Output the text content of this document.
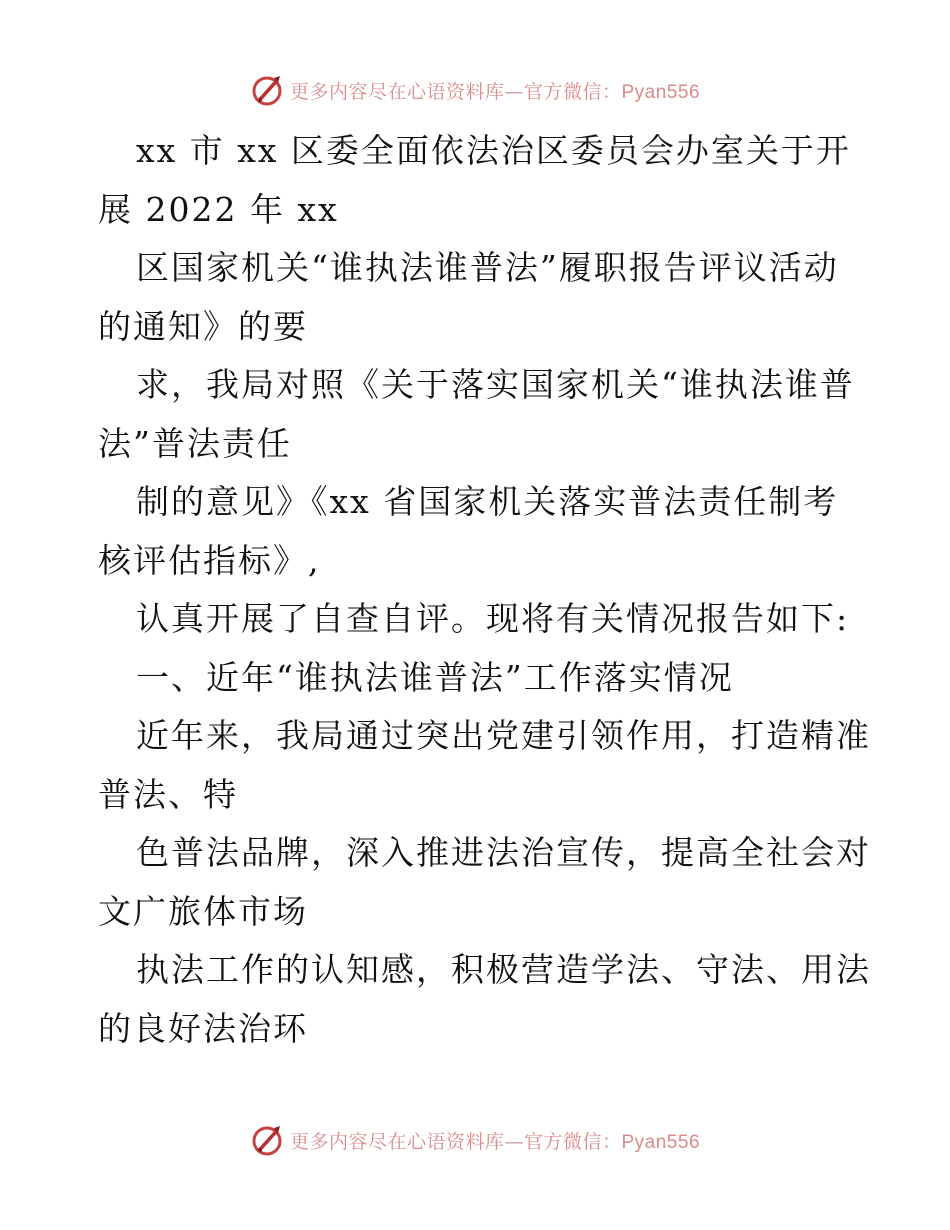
更多内容尽在心语资料库—官方微信：Pyan556
xx 市 xx 区委全面依法治区委员会办室关于开
展 2022 年 xx
区国家机关“谁执法谁普法”履职报告评议活动
的通知》的要
求，我局对照《关于落实国家机关“谁执法谁普
法”普法责任
制的意见》《xx 省国家机关落实普法责任制考
核评估指标》,
认真开展了自查自评。现将有关情况报告如下:
一、近年“谁执法谁普法”工作落实情况
近年来，我局通过突出党建引领作用，打造精准
普法、特
色普法品牌，深入推进法治宣传，提高全社会对
文广旅体市场
执法工作的认知感，积极营造学法、守法、用法
的良好法治环
更多内容尽在心语资料库—官方微信：Pyan556
